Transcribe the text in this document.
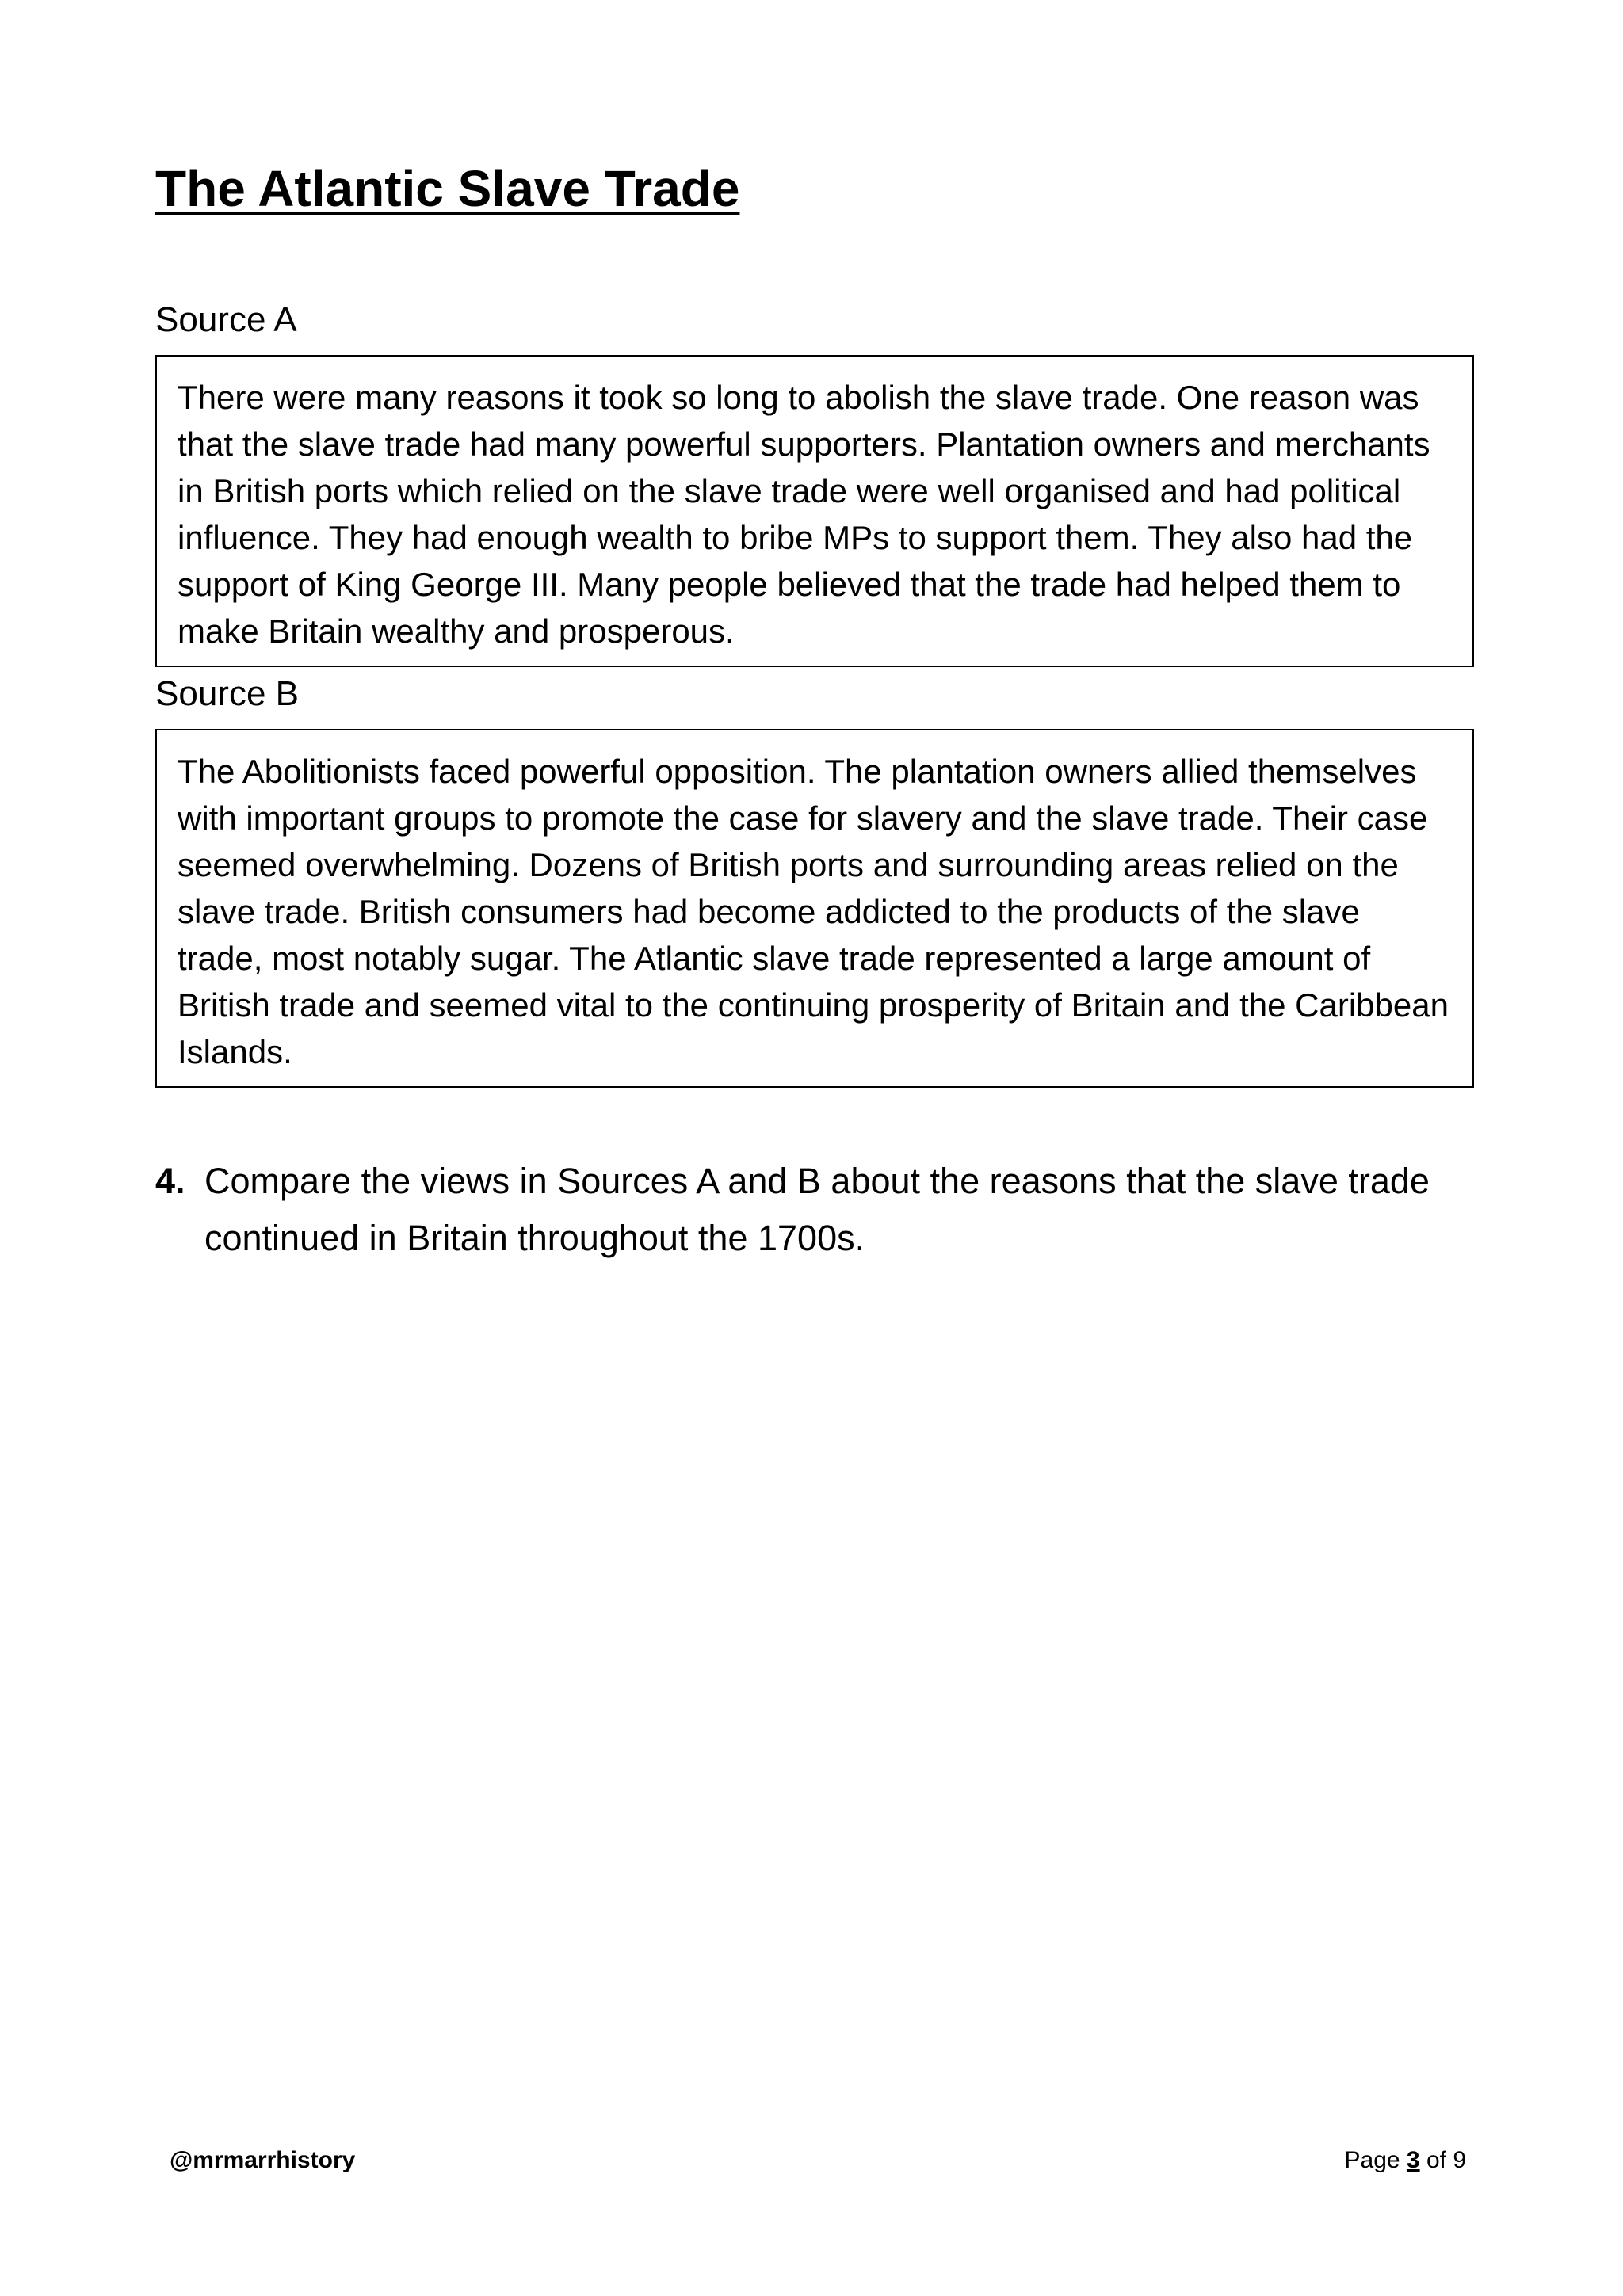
The Atlantic Slave Trade
Source A

There were many reasons it took so long to abolish the slave trade. One reason was that the slave trade had many powerful supporters. Plantation owners and merchants in British ports which relied on the slave trade were well organised and had political influence. They had enough wealth to bribe MPs to support them. They also had the support of King George III. Many people believed that the trade had helped them to make Britain wealthy and prosperous.

Source B

The Abolitionists faced powerful opposition. The plantation owners allied themselves with important groups to promote the case for slavery and the slave trade. Their case seemed overwhelming. Dozens of British ports and surrounding areas relied on the slave trade. British consumers had become addicted to the products of the slave trade, most notably sugar. The Atlantic slave trade represented a large amount of British trade and seemed vital to the continuing prosperity of Britain and the Caribbean Islands.

4. Compare the views in Sources A and B about the reasons that the slave trade continued in Britain throughout the 1700s.
@mrmarrhistory	Page 3 of 9
